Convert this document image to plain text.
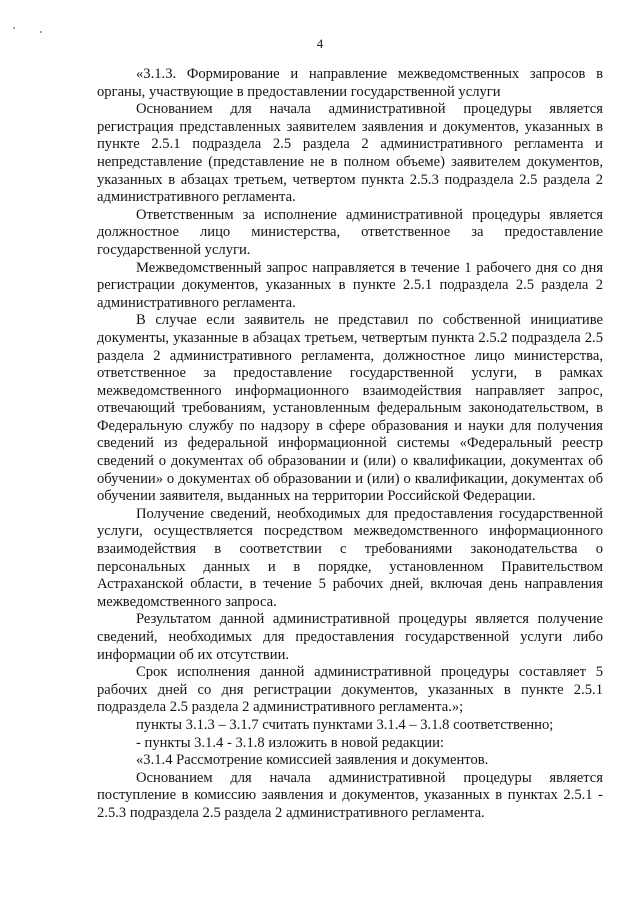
4

«3.1.3. Формирование и направление межведомственных запросов в органы, участвующие в предоставлении государственной услуги

Основанием для начала административной процедуры является регистрация представленных заявителем заявления и документов, указанных в пункте 2.5.1 подраздела 2.5 раздела 2 административного регламента и непредставление (представление не в полном объеме) заявителем документов, указанных в абзацах третьем, четвертом пункта 2.5.3 подраздела 2.5 раздела 2 административного регламента.

Ответственным за исполнение административной процедуры является должностное лицо министерства, ответственное за предоставление государственной услуги.

Межведомственный запрос направляется в течение 1 рабочего дня со дня регистрации документов, указанных в пункте 2.5.1 подраздела 2.5 раздела 2 административного регламента.

В случае если заявитель не представил по собственной инициативе документы, указанные в абзацах третьем, четвертым пункта 2.5.2 подраздела 2.5 раздела 2 административного регламента, должностное лицо министерства, ответственное за предоставление государственной услуги, в рамках межведомственного информационного взаимодействия направляет запрос, отвечающий требованиям, установленным федеральным законодательством, в Федеральную службу по надзору в сфере образования и науки для получения сведений из федеральной информационной системы «Федеральный реестр сведений о документах об образовании и (или) о квалификации, документах об обучении» о документах об образовании и (или) о квалификации, документах об обучении заявителя, выданных на территории Российской Федерации.

Получение сведений, необходимых для предоставления государственной услуги, осуществляется посредством межведомственного информационного взаимодействия в соответствии с требованиями законодательства о персональных данных и в порядке, установленном Правительством Астраханской области, в течение 5 рабочих дней, включая день направления межведомственного запроса.

Результатом данной административной процедуры является получение сведений, необходимых для предоставления государственной услуги либо информации об их отсутствии.

Срок исполнения данной административной процедуры составляет 5 рабочих дней со дня регистрации документов, указанных в пункте 2.5.1 подраздела 2.5 раздела 2 административного регламента.»;

пункты 3.1.3 – 3.1.7 считать пунктами 3.1.4 – 3.1.8 соответственно;

- пункты 3.1.4 - 3.1.8 изложить в новой редакции:

«3.1.4 Рассмотрение комиссией заявления и документов.

Основанием для начала административной процедуры является поступление в комиссию заявления и документов, указанных в пунктах 2.5.1 - 2.5.3 подраздела 2.5 раздела 2 административного регламента.
